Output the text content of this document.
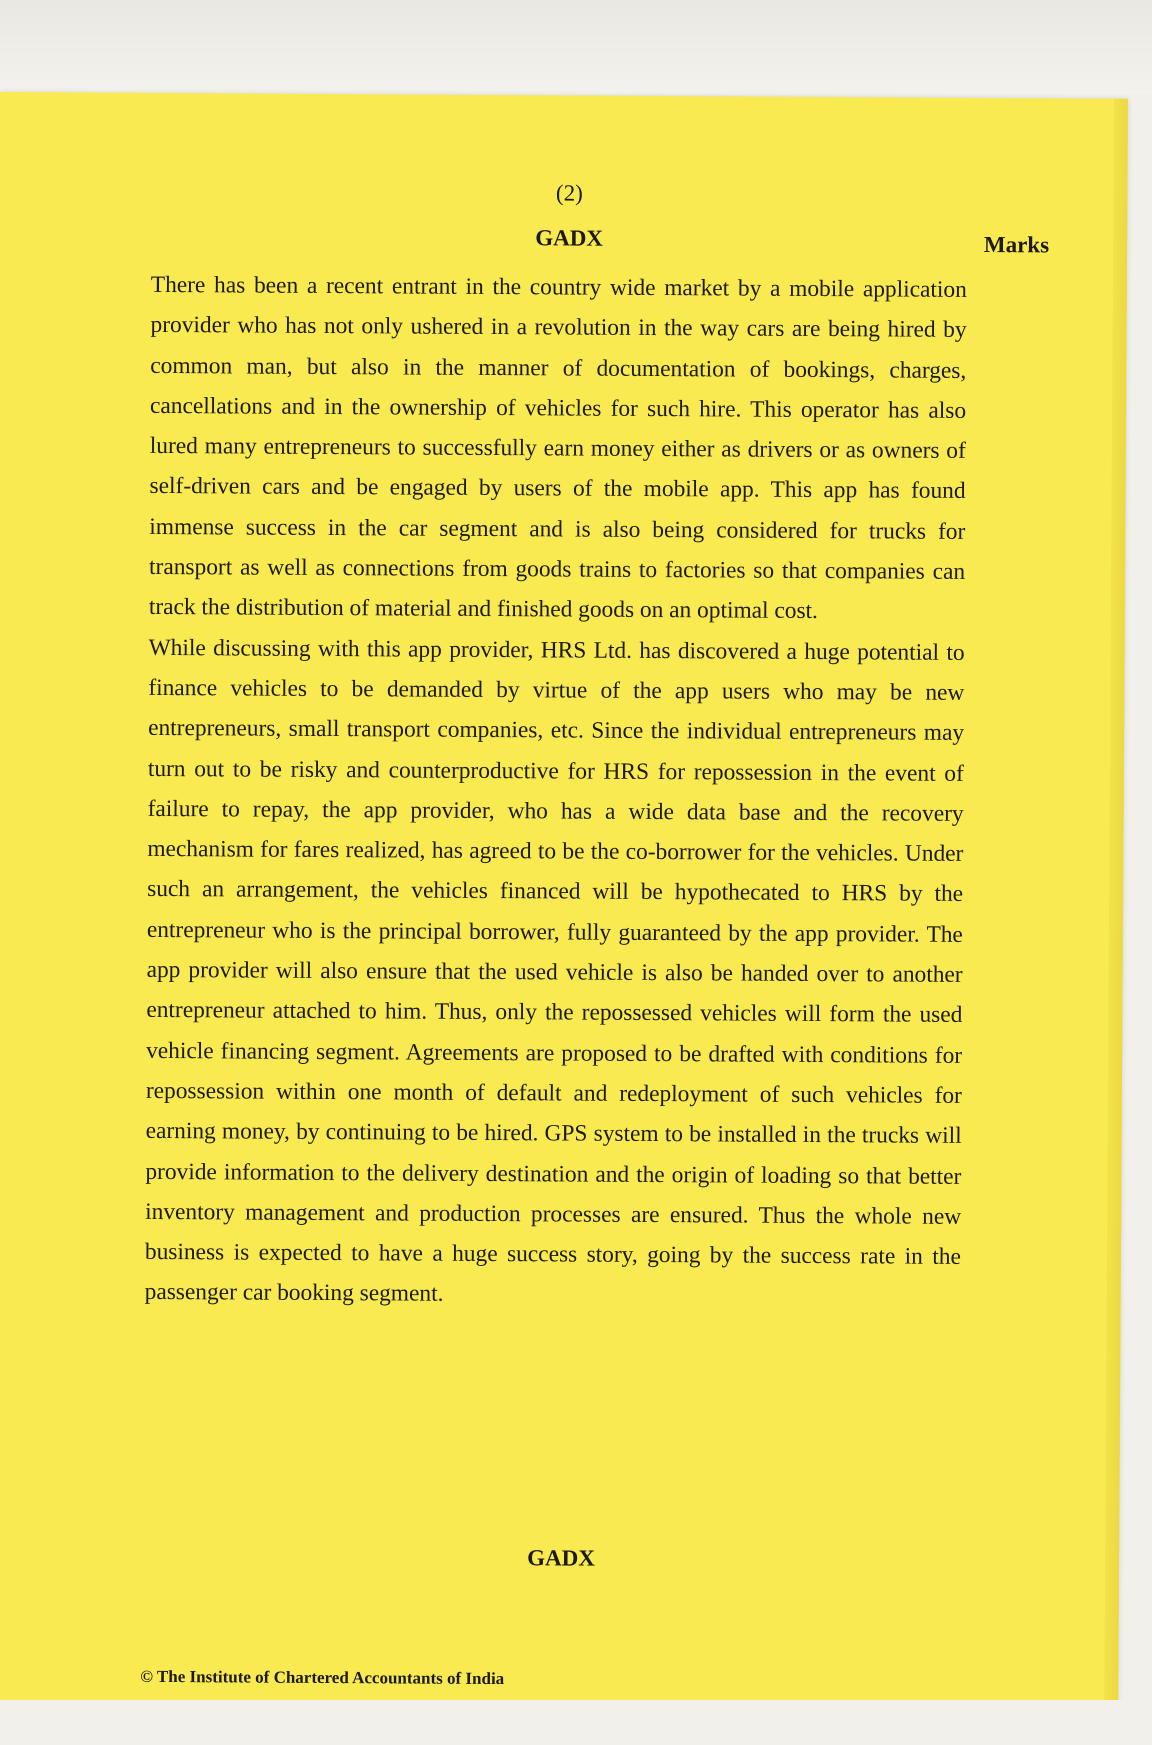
(2)
GADX	Marks

There has been a recent entrant in the country wide market by a mobile application provider who has not only ushered in a revolution in the way cars are being hired by common man, but also in the manner of documentation of bookings, charges, cancellations and in the ownership of vehicles for such hire. This operator has also lured many entrepreneurs to successfully earn money either as drivers or as owners of self-driven cars and be engaged by users of the mobile app. This app has found immense success in the car segment and is also being considered for trucks for transport as well as connections from goods trains to factories so that companies can track the distribution of material and finished goods on an optimal cost.

While discussing with this app provider, HRS Ltd. has discovered a huge potential to finance vehicles to be demanded by virtue of the app users who may be new entrepreneurs, small transport companies, etc. Since the individual entrepreneurs may turn out to be risky and counterproductive for HRS for repossession in the event of failure to repay, the app provider, who has a wide data base and the recovery mechanism for fares realized, has agreed to be the co-borrower for the vehicles. Under such an arrangement, the vehicles financed will be hypothecated to HRS by the entrepreneur who is the principal borrower, fully guaranteed by the app provider. The app provider will also ensure that the used vehicle is also be handed over to another entrepreneur attached to him. Thus, only the repossessed vehicles will form the used vehicle financing segment. Agreements are proposed to be drafted with conditions for repossession within one month of default and redeployment of such vehicles for earning money, by continuing to be hired. GPS system to be installed in the trucks will provide information to the delivery destination and the origin of loading so that better inventory management and production processes are ensured. Thus the whole new business is expected to have a huge success story, going by the success rate in the passenger car booking segment.

GADX
© The Institute of Chartered Accountants of India
